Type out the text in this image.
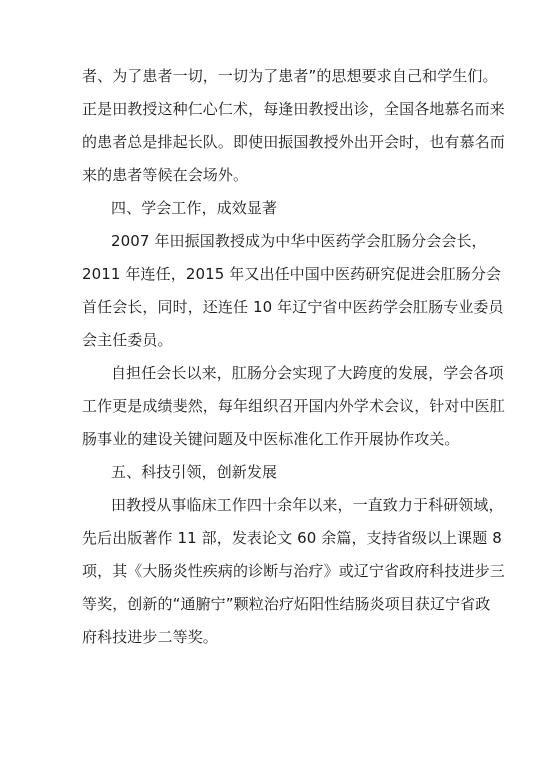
者、为了患者一切，一切为了患者”的思想要求自己和学生们。
正是田教授这种仁心仁术，每逢田教授出诊，全国各地慕名而来
的患者总是排起长队。即使田振国教授外出开会时，也有慕名而
来的患者等候在会场外。
四、学会工作，成效显著
2007 年田振国教授成为中华中医药学会肛肠分会会长，
2011 年连任，2015 年又出任中国中医药研究促进会肛肠分会
首任会长，同时，还连任 10 年辽宁省中医药学会肛肠专业委员
会主任委员。
自担任会长以来，肛肠分会实现了大跨度的发展，学会各项
工作更是成绩斐然，每年组织召开国内外学术会议，针对中医肛
肠事业的建设关键问题及中医标准化工作开展协作攻关。
五、科技引领，创新发展
田教授从事临床工作四十余年以来，一直致力于科研领域，
先后出版著作 11 部，发表论文 60 余篇，支持省级以上课题 8
项，其《大肠炎性疾病的诊断与治疗》或辽宁省政府科技进步三
等奖，创新的“通腑宁”颗粒治疗炻阳性结肠炎项目获辽宁省政
府科技进步二等奖。
